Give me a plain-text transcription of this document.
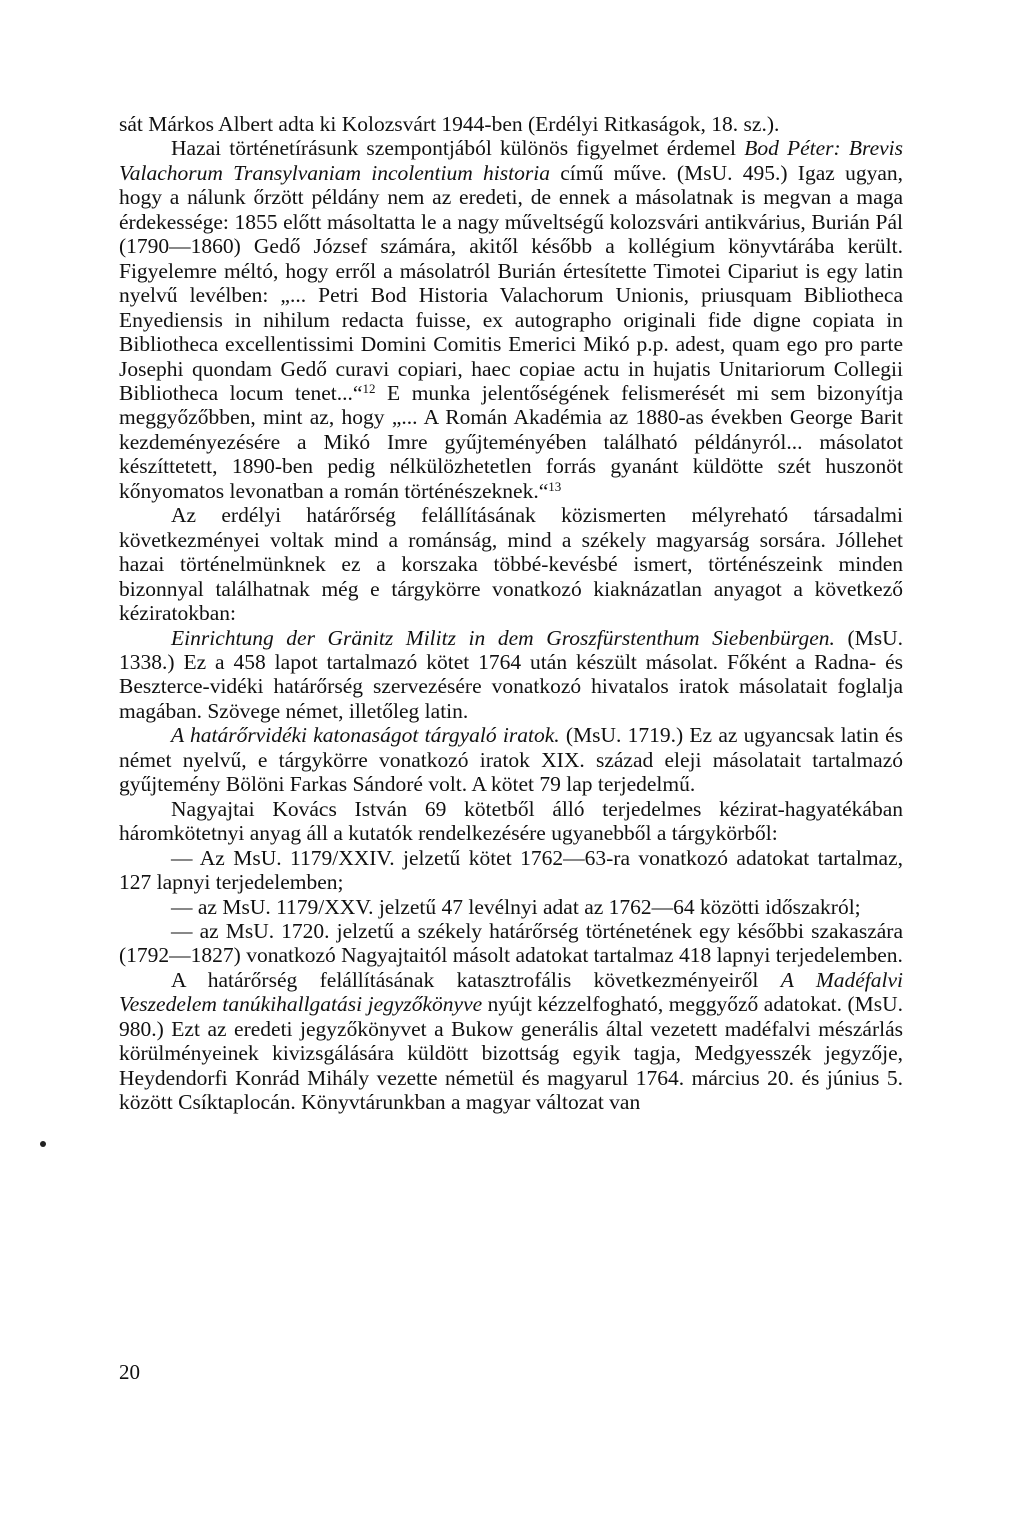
sát Márkos Albert adta ki Kolozsvárt 1944-ben (Erdélyi Ritkaságok, 18. sz.).

Hazai történetírásunk szempontjából különös figyelmet érdemel Bod Péter: Brevis Valachorum Transylvaniam incolentium historia című műve. (MsU. 495.) Igaz ugyan, hogy a nálunk őrzött példány nem az eredeti, de ennek a másolatnak is megvan a maga érdekessége: 1855 előtt másoltatta le a nagy műveltségű kolozsvári antikvárius, Burián Pál (1790—1860) Gedő József számára, akitől később a kollégium könyvtárába került. Figyelemre méltó, hogy erről a másolatról Burián értesítette Timotei Cipariut is egy latin nyelvű levélben: „... Petri Bod Historia Valachorum Unionis, priusquam Bibliotheca Enyediensis in nihilum redacta fuisse, ex autographo originali fide digne copiata in Bibliotheca excellentissimi Domini Comitis Emerici Mikó p.p. adest, quam ego pro parte Josephi quondam Gedő curavi copiari, haec copiae actu in hujatis Unitariorum Collegii Bibliotheca locum tenet...“$^{12}$ E munka jelentőségének felismerését mi sem bizonyítja meggyőzőbben, mint az, hogy „... A Román Akadémia az 1880-as években George Barit kezdeményezésére a Mikó Imre gyűjteményében található példányról... másolatot készíttetett, 1890-ben pedig nélkülözhetetlen forrás gyanánt küldötte szét huszonöt kőnyomatos levonatban a román történészeknek.“$^{13}$

Az erdélyi határőrség felállításának közismerten mélyreható társadalmi következményei voltak mind a románság, mind a székely magyarság sorsára. Jóllehet hazai történelmünknek ez a korszaka többé-kevésbé ismert, történészeink minden bizonnyal találhatnak még e tárgykörre vonatkozó kiaknázatlan anyagot a következő kéziratokban:

Einrichtung der Gränitz Militz in dem Groszfürstenthum Siebenbürgen. (MsU. 1338.) Ez a 458 lapot tartalmazó kötet 1764 után készült másolat. Főként a Radna- és Beszterce-vidéki határőrség szervezésére vonatkozó hivatalos iratok másolatait foglalja magában. Szövege német, illetőleg latin.

A határőrvidéki katonaságot tárgyaló iratok. (MsU. 1719.) Ez az ugyancsak latin és német nyelvű, e tárgykörre vonatkozó iratok XIX. század eleji másolatait tartalmazó gyűjtemény Bölöni Farkas Sándoré volt. A kötet 79 lap terjedelmű.

Nagyajtai Kovács István 69 kötetből álló terjedelmes kézirat-hagyatékában háromkötetnyi anyag áll a kutatók rendelkezésére ugyanebből a tárgykörből:

— Az MsU. 1179/XXIV. jelzetű kötet 1762—63-ra vonatkozó adatokat tartalmaz, 127 lapnyi terjedelemben;

— az MsU. 1179/XXV. jelzetű 47 levélnyi adat az 1762—64 közötti időszakról;

— az MsU. 1720. jelzetű a székely határőrség történetének egy későbbi szakaszára (1792—1827) vonatkozó Nagyajtaitól másolt adatokat tartalmaz 418 lapnyi terjedelemben.

A határőrség felállításának katasztrofális következményeiről A Madéfalvi Veszedelem tanúkihallgatási jegyzőkönyve nyújt kézzelfogható, meggyőző adatokat. (MsU. 980.) Ezt az eredeti jegyzőkönyvet a Bukow generális által vezetett madéfalvi mészárlás körülményeinek kivizsgálására küldött bizottság egyik tagja, Medgyesszék jegyzője, Heydendorfi Konrád Mihály vezette németül és magyarul 1764. március 20. és június 5. között Csíktaplocán. Könyvtárunkban a magyar változat van

20
